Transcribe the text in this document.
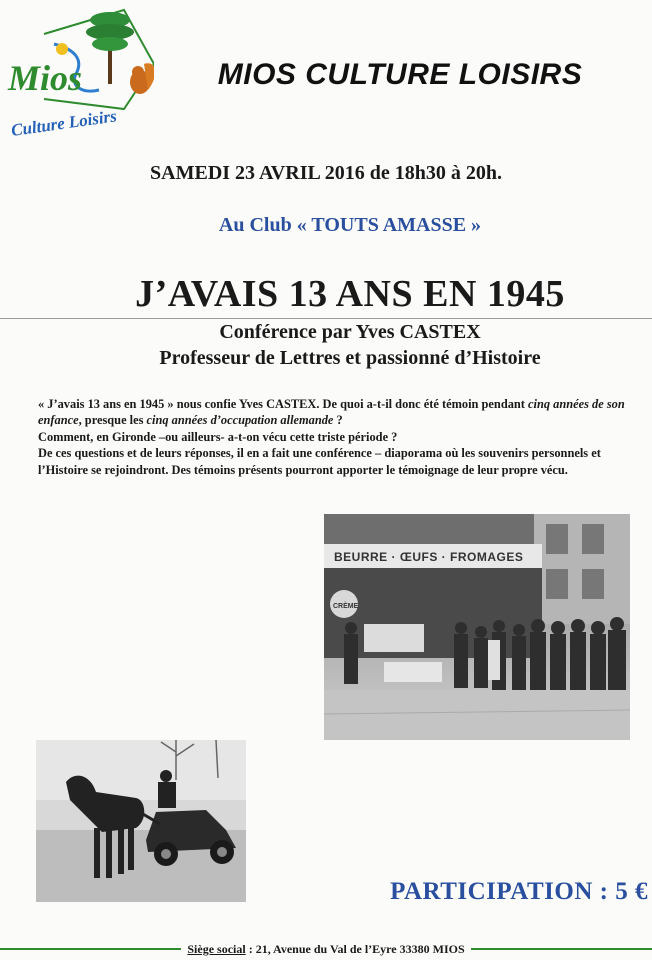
Mios
Culture Loisirs
MIOS CULTURE LOISIRS
SAMEDI 23 AVRIL 2016 de 18h30 à 20h.
Au Club « TOUTS AMASSE »
J’AVAIS 13 ANS EN 1945
Conférence par Yves CASTEX
Professeur de Lettres et passionné d’Histoire

« J’avais 13 ans en 1945 » nous confie Yves CASTEX. De quoi a-t-il donc été témoin pendant cinq années de son enfance, presque les cinq années d’occupation allemande ?

Comment, en Gironde –ou ailleurs- a-t-on vécu cette triste période ?

De ces questions et de leurs réponses, il en a fait une conférence – diaporama où les souvenirs personnels et l’Histoire se rejoindront. Des témoins présents pourront apporter le témoignage de leur propre vécu.

BEURRE · ŒUFS · FROMAGES
CRÈME
PARTICIPATION : 5 €
Siège social : 21, Avenue du Val de l’Eyre 33380 MIOS
